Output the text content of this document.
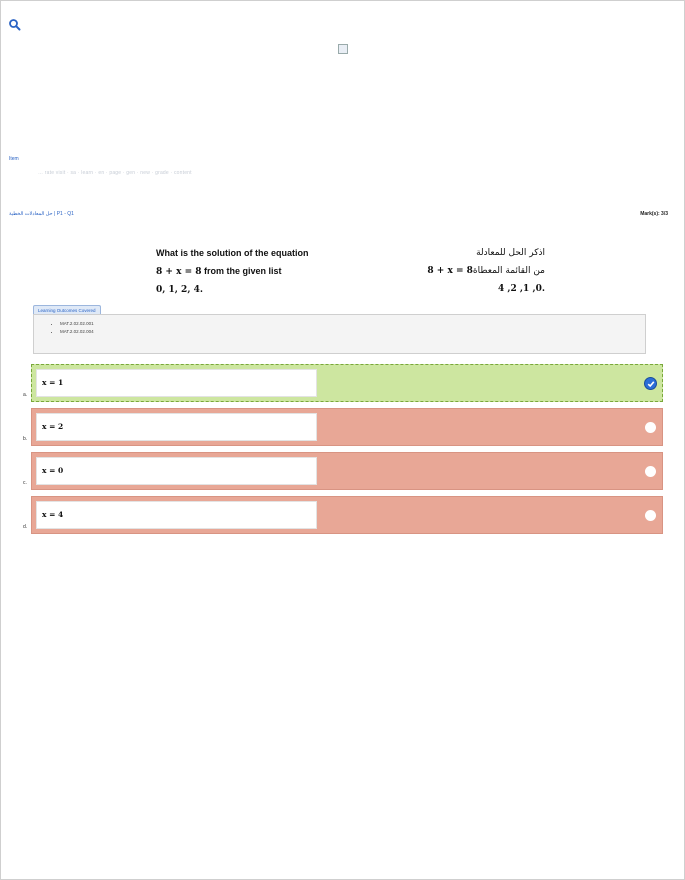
Item
… rate visit · sa · learn · en · page · gen · new · grade · content
حل المعادلات الخطية | P1 - Q1	Mark(s): 3/3
What is the solution of the equation
8 + x = 8 from the given list
0, 1, 2, 4.
اذكر الحل للمعادلة
من القائمة المعطاة8 + x = 8
.0, 1, 2, 4
Learning Outcomes Covered
• MAT.2.02.02.001
• MAT.2.02.02.004
a.
x = 1
b.
x = 2
c.
x = 0
d.
x = 4
